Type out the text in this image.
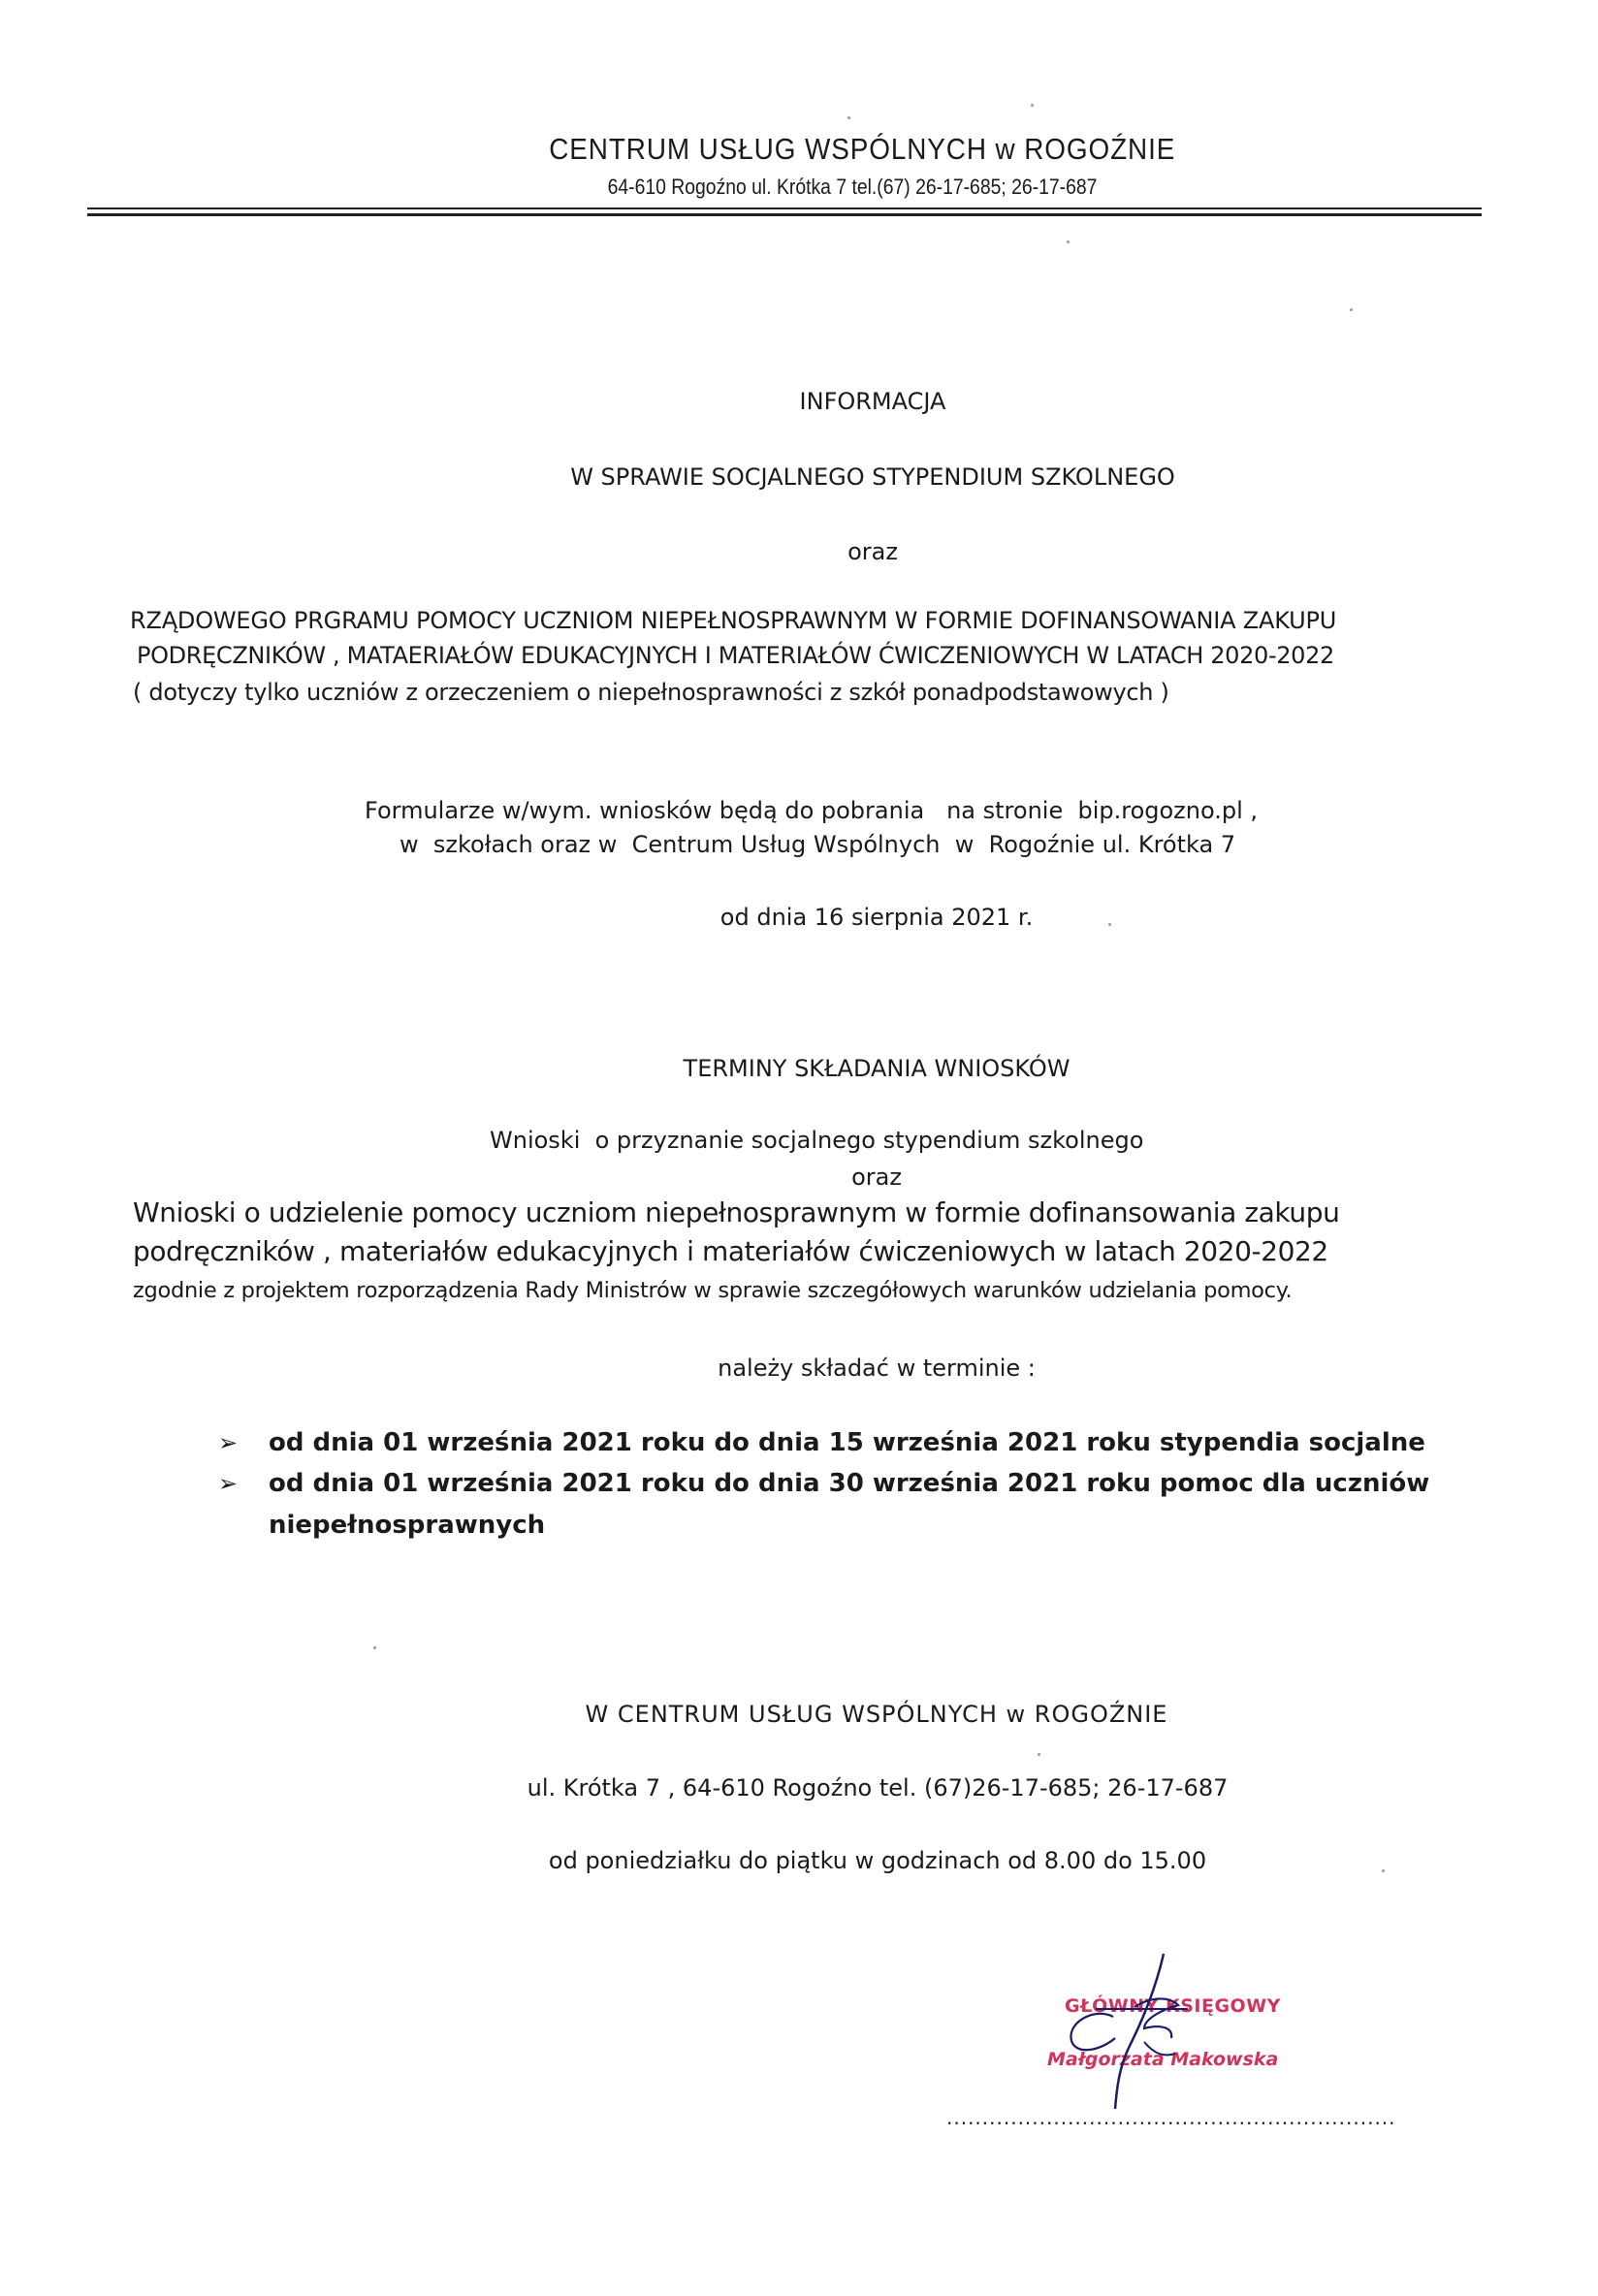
CENTRUM USŁUG WSPÓLNYCH w ROGOŹNIE
64-610 Rogoźno ul. Krótka 7 tel.(67) 26-17-685; 26-17-687
INFORMACJA
W SPRAWIE SOCJALNEGO STYPENDIUM SZKOLNEGO
oraz
RZĄDOWEGO PRGRAMU POMOCY UCZNIOM NIEPEŁNOSPRAWNYM W FORMIE DOFINANSOWANIA ZAKUPU
PODRĘCZNIKÓW , MATAERIAŁÓW EDUKACYJNYCH I MATERIAŁÓW ĆWICZENIOWYCH W LATACH 2020-2022
( dotyczy tylko uczniów z orzeczeniem o niepełnosprawności z szkół ponadpodstawowych )
Formularze w/wym. wniosków będą do pobrania   na stronie  bip.rogozno.pl ,
w  szkołach oraz w  Centrum Usług Wspólnych  w  Rogoźnie ul. Krótka 7
od dnia 16 sierpnia 2021 r.
TERMINY SKŁADANIA WNIOSKÓW
Wnioski  o przyznanie socjalnego stypendium szkolnego
oraz
Wnioski o udzielenie pomocy uczniom niepełnosprawnym w formie dofinansowania zakupu
podręczników , materiałów edukacyjnych i materiałów ćwiczeniowych w latach 2020-2022
zgodnie z projektem rozporządzenia Rady Ministrów w sprawie szczegółowych warunków udzielania pomocy.
należy składać w terminie :
➢ od dnia 01 września 2021 roku do dnia 15 września 2021 roku stypendia socjalne
➢ od dnia 01 września 2021 roku do dnia 30 września 2021 roku pomoc dla uczniów
niepełnosprawnych
W CENTRUM USŁUG WSPÓLNYCH w ROGOŹNIE
ul. Krótka 7 , 64-610 Rogoźno tel. (67)26-17-685; 26-17-687
od poniedziałku do piątku w godzinach od 8.00 do 15.00
GŁÓWNY KSIĘGOWY
Małgorzata Makowska
...............................................................
